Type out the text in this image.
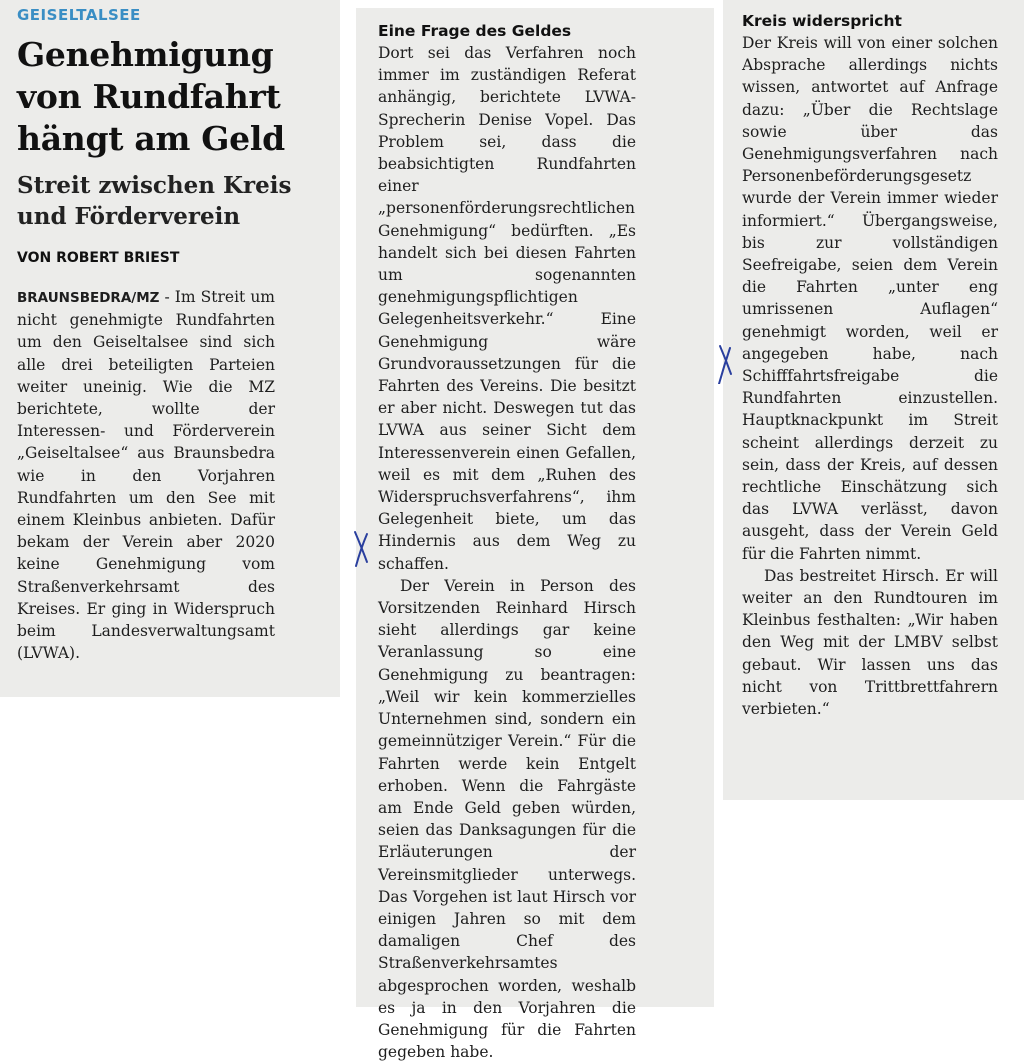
GEISELTALSEE
Genehmigung von Rundfahrt hängt am Geld
Streit zwischen Kreis und Förderverein
VON ROBERT BRIEST

BRAUNSBEDRA/MZ - Im Streit um nicht genehmigte Rundfahrten um den Geiseltalsee sind sich alle drei beteiligten Parteien weiter uneinig. Wie die MZ berichtete, wollte der Interessen- und Förderverein „Geiseltalsee“ aus Braunsbedra wie in den Vorjahren Rundfahrten um den See mit einem Kleinbus anbieten. Dafür bekam der Verein aber 2020 keine Genehmigung vom Straßenverkehrsamt des Kreises. Er ging in Widerspruch beim Landesverwaltungsamt (LVWA).

Eine Frage des Geldes

Dort sei das Verfahren noch immer im zuständigen Referat anhängig, berichtete LVWA-Sprecherin Denise Vopel. Das Problem sei, dass die beabsichtigten Rundfahrten einer „personenförderungsrechtlichen Genehmigung“ bedürften. „Es handelt sich bei diesen Fahrten um sogenannten genehmigungspflichtigen Gelegenheitsverkehr.“ Eine Genehmigung wäre Grundvoraussetzungen für die Fahrten des Vereins. Die besitzt er aber nicht. Deswegen tut das LVWA aus seiner Sicht dem Interessenverein einen Gefallen, weil es mit dem „Ruhen des Widerspruchsverfahrens“, ihm Gelegenheit biete, um das Hindernis aus dem Weg zu schaffen.

Der Verein in Person des Vorsitzenden Reinhard Hirsch sieht allerdings gar keine Veranlassung so eine Genehmigung zu beantragen: „Weil wir kein kommerzielles Unternehmen sind, sondern ein gemeinnütziger Verein.“ Für die Fahrten werde kein Entgelt erhoben. Wenn die Fahrgäste am Ende Geld geben würden, seien das Danksagungen für die Erläuterungen der Vereinsmitglieder unterwegs. Das Vorgehen ist laut Hirsch vor einigen Jahren so mit dem damaligen Chef des Straßenverkehrsamtes abgesprochen worden, weshalb es ja in den Vorjahren die Genehmigung für die Fahrten gegeben habe.

Kreis widerspricht

Der Kreis will von einer solchen Absprache allerdings nichts wissen, antwortet auf Anfrage dazu: „Über die Rechtslage sowie über das Genehmigungsverfahren nach Personenbeförderungsgesetz wurde der Verein immer wieder informiert.“ Übergangsweise, bis zur vollständigen Seefreigabe, seien dem Verein die Fahrten „unter eng umrissenen Auflagen“ genehmigt worden, weil er angegeben habe, nach Schifffahrtsfreigabe die Rundfahrten einzustellen. Hauptknackpunkt im Streit scheint allerdings derzeit zu sein, dass der Kreis, auf dessen rechtliche Einschätzung sich das LVWA verlässt, davon ausgeht, dass der Verein Geld für die Fahrten nimmt.

Das bestreitet Hirsch. Er will weiter an den Rundtouren im Kleinbus festhalten: „Wir haben den Weg mit der LMBV selbst gebaut. Wir lassen uns das nicht von Trittbrettfahrern verbieten.“
